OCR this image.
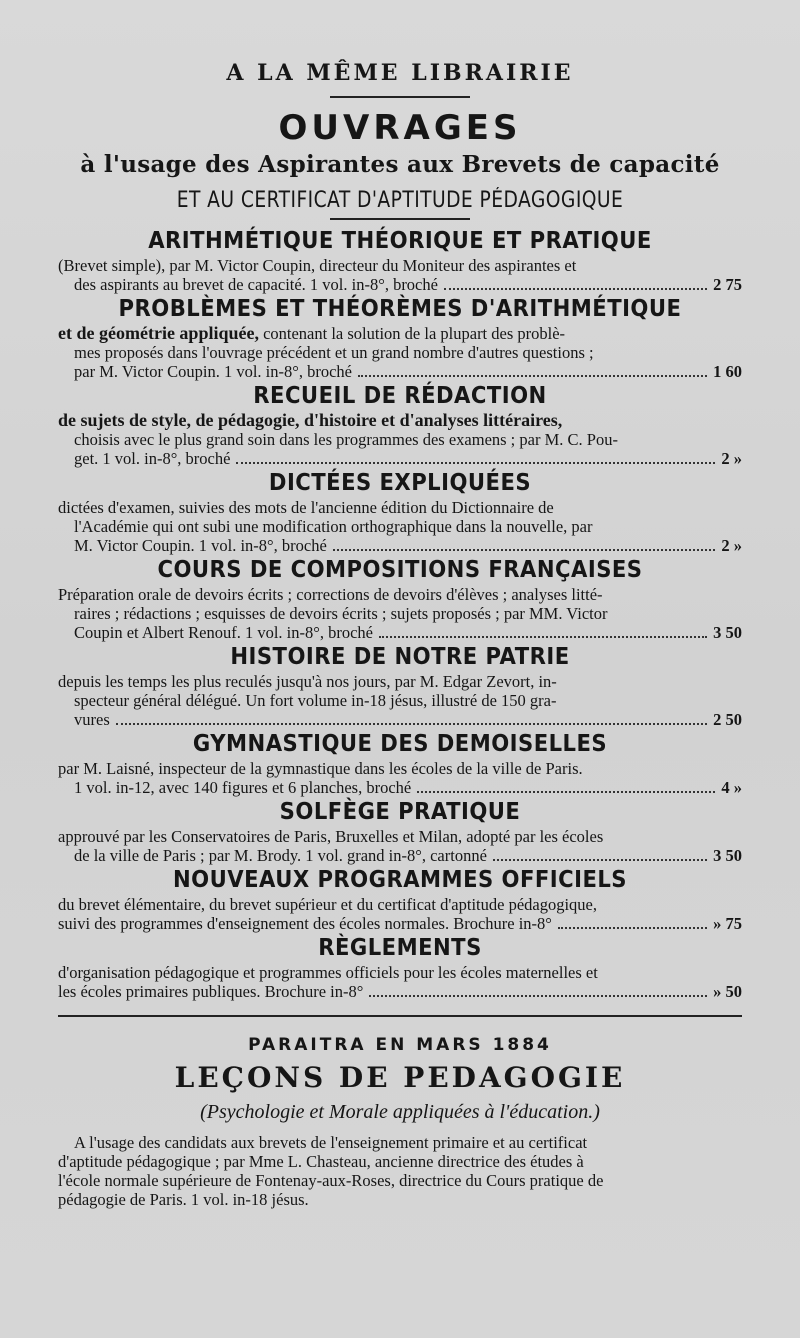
A LA MÊME LIBRAIRIE

OUVRAGES

à l'usage des Aspirantes aux Brevets de capacité

ET AU CERTIFICAT D'APTITUDE PÉDAGOGIQUE

ARITHMÉTIQUE THÉORIQUE ET PRATIQUE

(Brevet simple), par M. Victor Coupin, directeur du Moniteur des aspirantes et
des aspirants au brevet de capacité. 1 vol. in-8°, broché	2 75

PROBLÈMES ET THÉORÈMES D'ARITHMÉTIQUE

et de géométrie appliquée, contenant la solution de la plupart des problè-
mes proposés dans l'ouvrage précédent et un grand nombre d'autres questions ;
par M. Victor Coupin. 1 vol. in-8°, broché	1 60

RECUEIL DE RÉDACTION

de sujets de style, de pédagogie, d'histoire et d'analyses littéraires,
choisis avec le plus grand soin dans les programmes des examens ; par M. C. Pou-
get. 1 vol. in-8°, broché	2 »

DICTÉES EXPLIQUÉES

dictées d'examen, suivies des mots de l'ancienne édition du Dictionnaire de
l'Académie qui ont subi une modification orthographique dans la nouvelle, par
M. Victor Coupin. 1 vol. in-8°, broché	2 »

COURS DE COMPOSITIONS FRANÇAISES

Préparation orale de devoirs écrits ; corrections de devoirs d'élèves ; analyses litté-
raires ; rédactions ; esquisses de devoirs écrits ; sujets proposés ; par MM. Victor
Coupin et Albert Renouf. 1 vol. in-8°, broché	3 50

HISTOIRE DE NOTRE PATRIE

depuis les temps les plus reculés jusqu'à nos jours, par M. Edgar Zevort, in-
specteur général délégué. Un fort volume in-18 jésus, illustré de 150 gra-
vures	2 50

GYMNASTIQUE DES DEMOISELLES

par M. Laisné, inspecteur de la gymnastique dans les écoles de la ville de Paris.
1 vol. in-12, avec 140 figures et 6 planches, broché	4 »

SOLFÈGE PRATIQUE

approuvé par les Conservatoires de Paris, Bruxelles et Milan, adopté par les écoles
de la ville de Paris ; par M. Brody. 1 vol. grand in-8°, cartonné	3 50

NOUVEAUX PROGRAMMES OFFICIELS

du brevet élémentaire, du brevet supérieur et du certificat d'aptitude pédagogique,
suivi des programmes d'enseignement des écoles normales. Brochure in-8°	» 75

RÈGLEMENTS

d'organisation pédagogique et programmes officiels pour les écoles maternelles et
les écoles primaires publiques. Brochure in-8°	» 50

PARAITRA EN MARS 1884

LEÇONS DE PEDAGOGIE

(Psychologie et Morale appliquées à l'éducation.)

A l'usage des candidats aux brevets de l'enseignement primaire et au certificat
d'aptitude pédagogique ; par Mme L. Chasteau, ancienne directrice des études à
l'école normale supérieure de Fontenay-aux-Roses, directrice du Cours pratique de
pédagogie de Paris. 1 vol. in-18 jésus.
